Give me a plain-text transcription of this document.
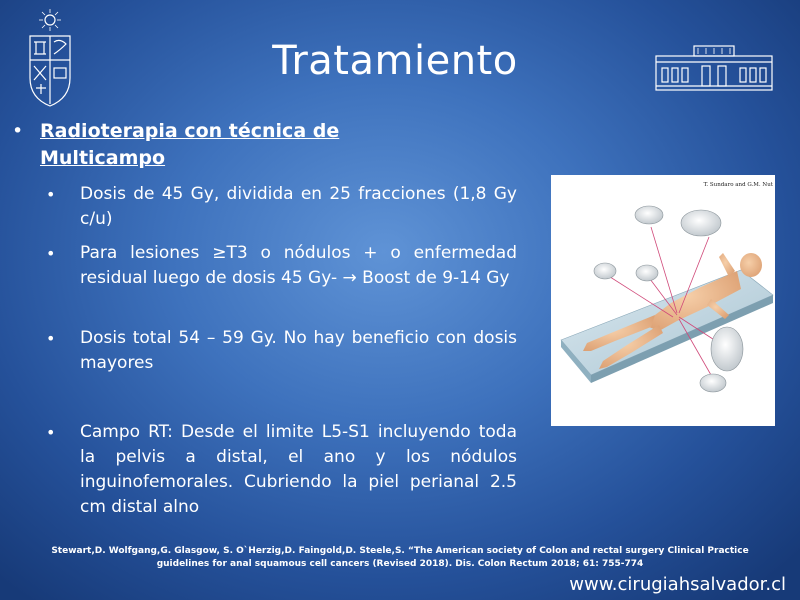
Tratamiento
• Radioterapia con técnica de Multicampo
• Dosis de 45 Gy, dividida en 25 fracciones (1,8 Gy c/u)
• Para lesiones ≥T3 o nódulos + o enfermedad residual luego de dosis 45 Gy- → Boost de 9-14 Gy
• Dosis total 54 – 59 Gy. No hay beneficio con dosis mayores
• Campo RT: Desde el limite L5-S1 incluyendo toda la pelvis a distal, el ano y los nódulos inguinofemorales. Cubriendo la piel perianal 2.5 cm distal alno
T. Sundaro and G.M. Nut
Stewart,D. Wolfgang,G. Glasgow, S. O`Herzig,D. Faingold,D. Steele,S. “The American society of Colon and rectal surgery Clinical Practice
guidelines for anal squamous cell cancers (Revised 2018). Dis. Colon Rectum 2018; 61: 755-774
www.cirugiahsalvador.cl
